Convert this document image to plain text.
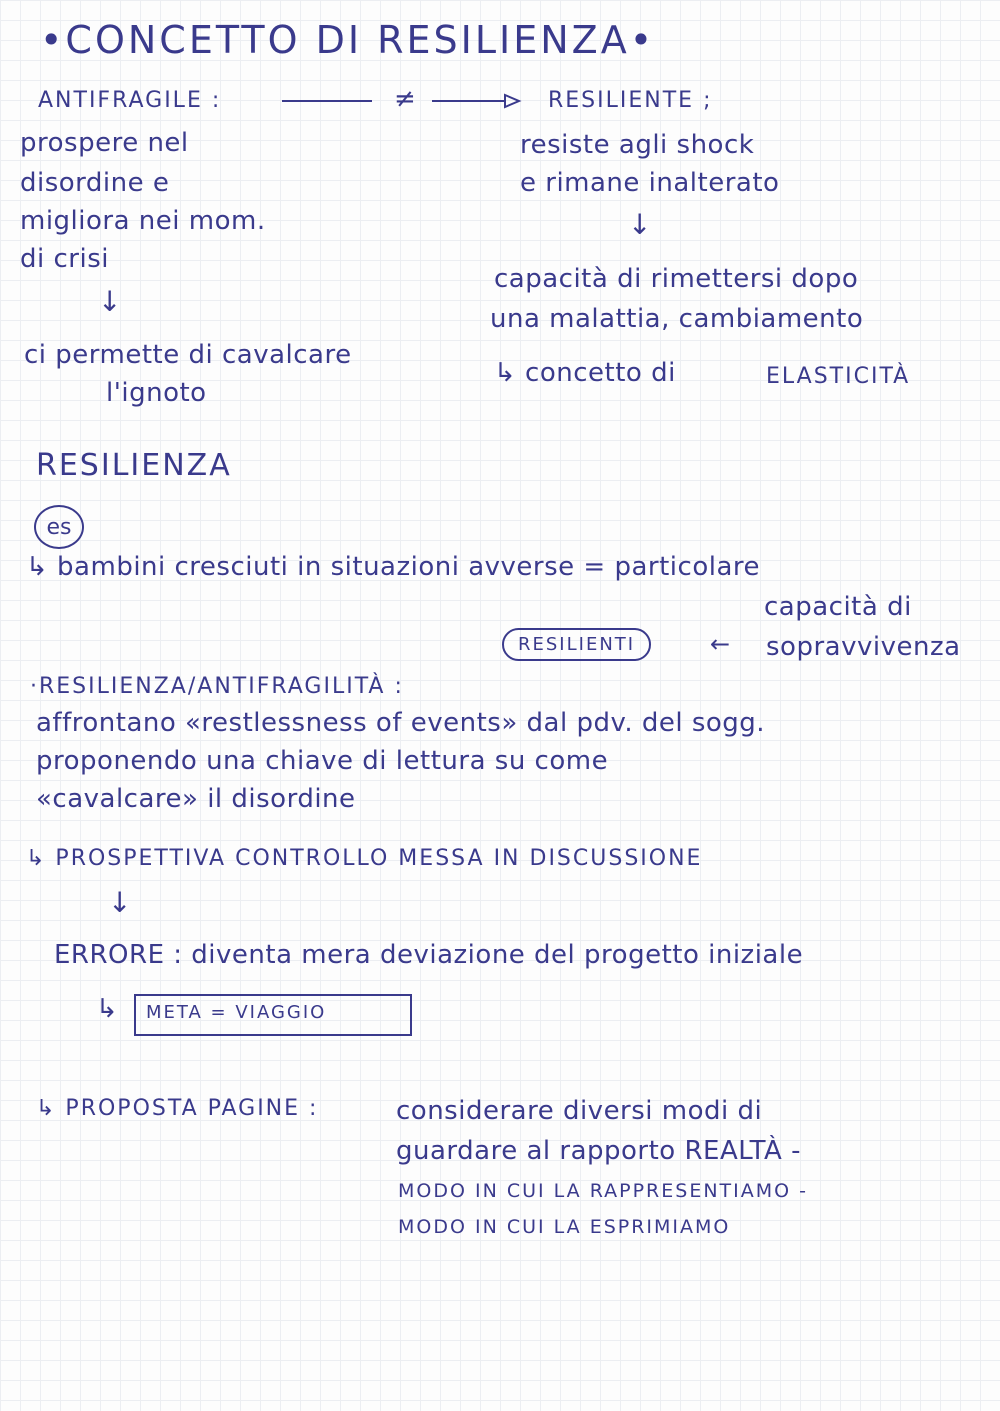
•CONCETTO DI RESILIENZA•
ANTIFRAGILE :	≠
prospere nel
disordine e
migliora nei mom.
di crisi
↓
ci permette di cavalcare
l'ignoto
RESILIENTE ;
resiste agli shock
e rimane inalterato
↓
capacità di rimettersi dopo
una malattia, cambiamento
↳ concetto di	ELASTICITÀ
RESILIENZA
es
↳ bambini cresciuti in situazioni avverse = particolare
capacità di
RESILIENTI	← sopravvivenza
·RESILIENZA/ANTIFRAGILITÀ :
affrontano «restlessness of events» dal pdv. del sogg.
proponendo una chiave di lettura su come
«cavalcare» il disordine
↳ PROSPETTIVA CONTROLLO MESSA IN DISCUSSIONE
↓
ERRORE : diventa mera deviazione del progetto iniziale
↳	META = VIAGGIO
↳ PROPOSTA PAGINE :	considerare diversi modi di
guardare al rapporto REALTÀ -
MODO IN CUI LA RAPPRESENTIAMO -
MODO IN CUI LA ESPRIMIAMO
